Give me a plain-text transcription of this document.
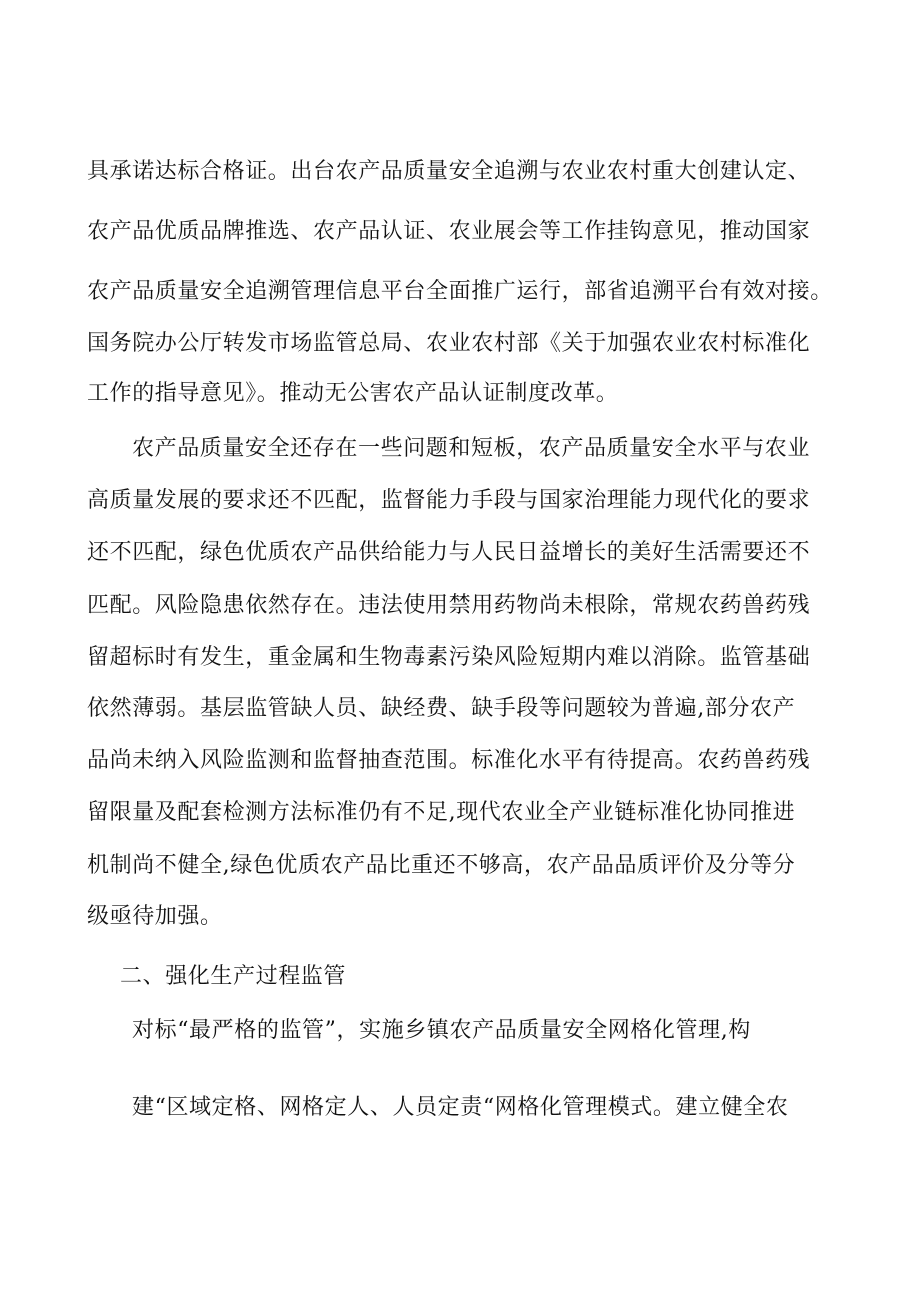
具承诺达标合格证。出台农产品质量安全追溯与农业农村重大创建认定、
农产品优质品牌推选、农产品认证、农业展会等工作挂钩意见，推动国家
农产品质量安全追溯管理信息平台全面推广运行，部省追溯平台有效对接。
国务院办公厅转发市场监管总局、农业农村部《关于加强农业农村标准化
工作的指导意见》。推动无公害农产品认证制度改革。
农产品质量安全还存在一些问题和短板，农产品质量安全水平与农业
高质量发展的要求还不匹配，监督能力手段与国家治理能力现代化的要求
还不匹配，绿色优质农产品供给能力与人民日益增长的美好生活需要还不
匹配。风险隐患依然存在。违法使用禁用药物尚未根除，常规农药兽药残
留超标时有发生，重金属和生物毒素污染风险短期内难以消除。监管基础
依然薄弱。基层监管缺人员、缺经费、缺手段等问题较为普遍,部分农产
品尚未纳入风险监测和监督抽查范围。标准化水平有待提高。农药兽药残
留限量及配套检测方法标准仍有不足,现代农业全产业链标准化协同推进
机制尚不健全,绿色优质农产品比重还不够高，农产品品质评价及分等分
级亟待加强。
二、强化生产过程监管
对标“最严格的监管”，实施乡镇农产品质量安全网格化管理,构
建“区域定格、网格定人、人员定责“网格化管理模式。建立健全农
